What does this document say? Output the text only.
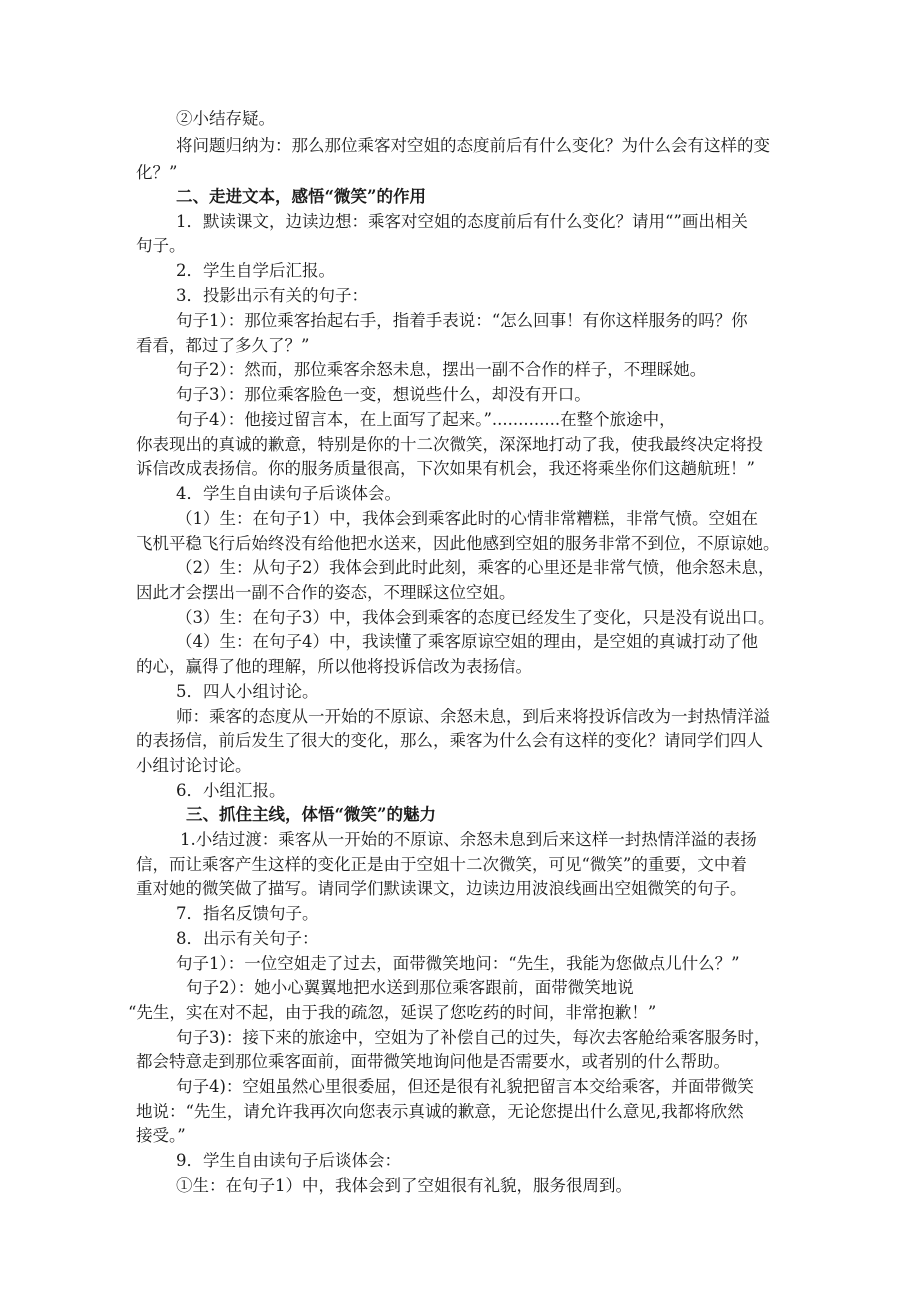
②小结存疑。
将问题归纳为：那么那位乘客对空姐的态度前后有什么变化？为什么会有这样的变
化？”
二、走进文本，感悟“微笑”的作用
1．默读课文，边读边想：乘客对空姐的态度前后有什么变化？请用“”画出相关
句子。
2．学生自学后汇报。
3．投影出示有关的句子：
句子1）：那位乘客抬起右手，指着手表说：“怎么回事！有你这样服务的吗？你
看看，都过了多久了？”
句子2）：然而，那位乘客余怒未息，摆出一副不合作的样子，不理睬她。
句子3）：那位乘客脸色一变，想说些什么，却没有开口。
句子4）：他接过留言本，在上面写了起来。”.............在整个旅途中，
你表现出的真诚的歉意，特别是你的十二次微笑，深深地打动了我，使我最终决定将投
诉信改成表扬信。你的服务质量很高，下次如果有机会，我还将乘坐你们这趟航班！”
4．学生自由读句子后谈体会。
（1）生：在句子1）中，我体会到乘客此时的心情非常糟糕，非常气愤。空姐在
飞机平稳飞行后始终没有给他把水送来，因此他感到空姐的服务非常不到位，不原谅她。
（2）生：从句子2）我体会到此时此刻，乘客的心里还是非常气愤，他余怒未息，
因此才会摆出一副不合作的姿态，不理睬这位空姐。
（3）生：在句子3）中，我体会到乘客的态度已经发生了变化，只是没有说出口。
（4）生：在句子4）中，我读懂了乘客原谅空姐的理由，是空姐的真诚打动了他
的心，赢得了他的理解，所以他将投诉信改为表扬信。
5．四人小组讨论。
师：乘客的态度从一开始的不原谅、余怒未息，到后来将投诉信改为一封热情洋溢
的表扬信，前后发生了很大的变化，那么，乘客为什么会有这样的变化？请同学们四人
小组讨论讨论。
6．小组汇报。
三、抓住主线，体悟“微笑”的魅力
1.小结过渡：乘客从一开始的不原谅、余怒未息到后来这样一封热情洋溢的表扬
信，而让乘客产生这样的变化正是由于空姐十二次微笑，可见“微笑”的重要，文中着
重对她的微笑做了描写。请同学们默读课文，边读边用波浪线画出空姐微笑的句子。
7．指名反馈句子。
8．出示有关句子：
句子1）：一位空姐走了过去，面带微笑地问：“先生，我能为您做点儿什么？”
句子2）：她小心翼翼地把水送到那位乘客跟前，面带微笑地说
“先生，实在对不起，由于我的疏忽，延误了您吃药的时间，非常抱歉！”
句子3)：接下来的旅途中，空姐为了补偿自己的过失，每次去客舱给乘客服务时，
都会特意走到那位乘客面前，面带微笑地询问他是否需要水，或者别的什么帮助。
句子4)：空姐虽然心里很委屈，但还是很有礼貌把留言本交给乘客，并面带微笑
地说：“先生，请允许我再次向您表示真诚的歉意，无论您提出什么意见,我都将欣然
接受。”
9．学生自由读句子后谈体会：
①生：在句子1）中，我体会到了空姐很有礼貌，服务很周到。
